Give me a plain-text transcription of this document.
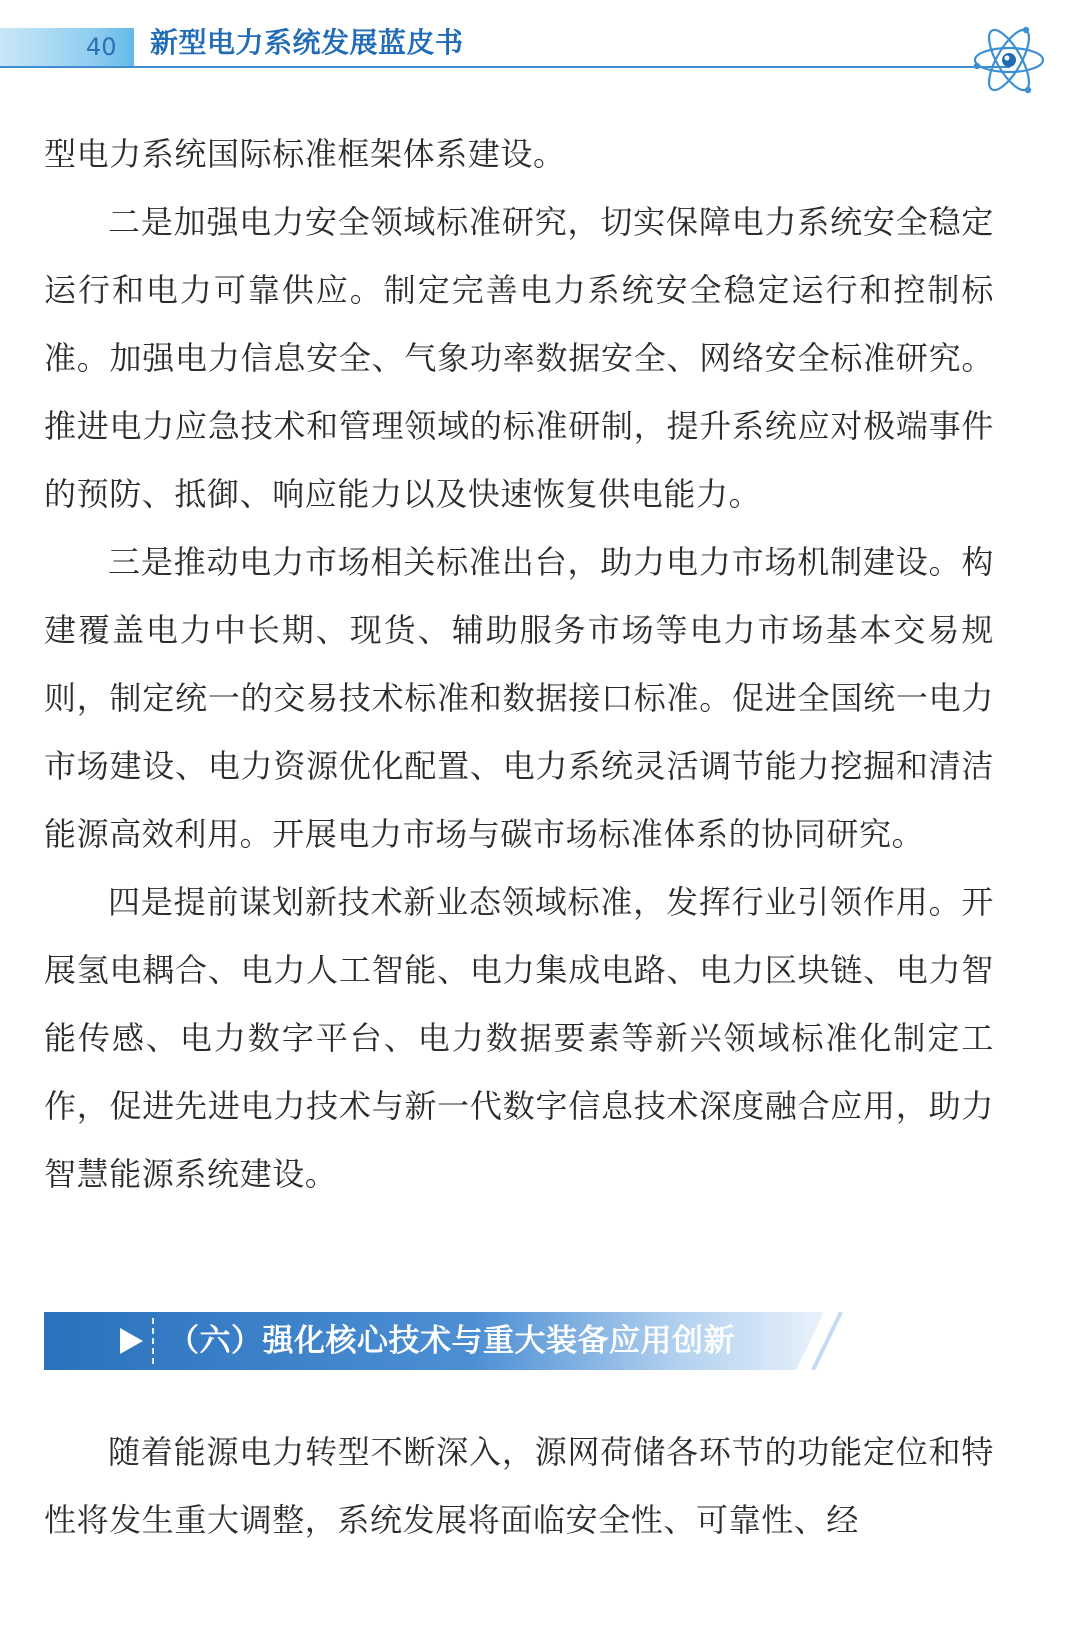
40 新型电力系统发展蓝皮书

型电力系统国际标准框架体系建设。

二是加强电力安全领域标准研究，切实保障电力系统安全稳定运行和电力可靠供应。制定完善电力系统安全稳定运行和控制标准。加强电力信息安全、气象功率数据安全、网络安全标准研究。推进电力应急技术和管理领域的标准研制，提升系统应对极端事件的预防、抵御、响应能力以及快速恢复供电能力。

三是推动电力市场相关标准出台，助力电力市场机制建设。构建覆盖电力中长期、现货、辅助服务市场等电力市场基本交易规则，制定统一的交易技术标准和数据接口标准。促进全国统一电力市场建设、电力资源优化配置、电力系统灵活调节能力挖掘和清洁能源高效利用。开展电力市场与碳市场标准体系的协同研究。

四是提前谋划新技术新业态领域标准，发挥行业引领作用。开展氢电耦合、电力人工智能、电力集成电路、电力区块链、电力智能传感、电力数字平台、电力数据要素等新兴领域标准化制定工作，促进先进电力技术与新一代数字信息技术深度融合应用，助力智慧能源系统建设。

（六）强化核心技术与重大装备应用创新

随着能源电力转型不断深入，源网荷储各环节的功能定位和特性将发生重大调整，系统发展将面临安全性、可靠性、经
